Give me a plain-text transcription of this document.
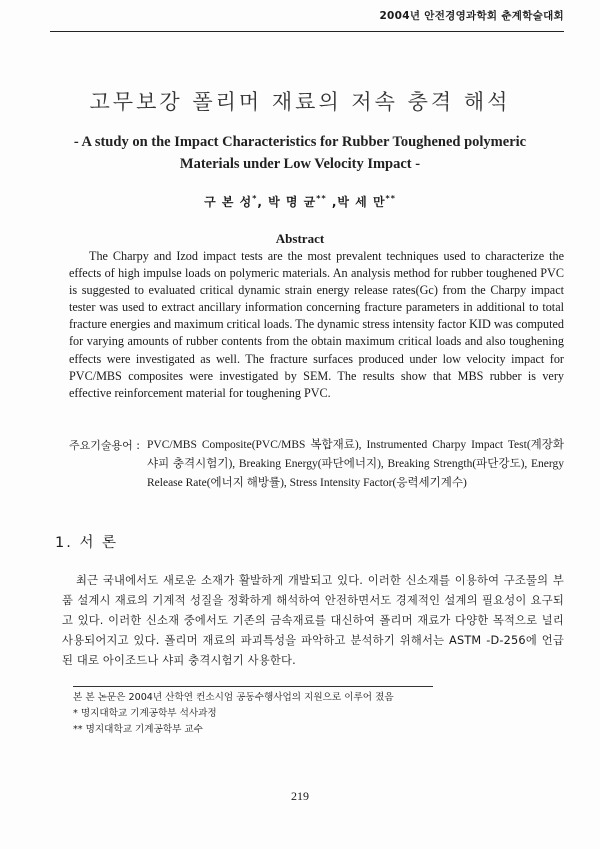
2004년 안전경영과학회 춘계학술대회
고무보강 폴리머 재료의 저속 충격 해석
- A study on the Impact Characteristics for Rubber Toughened polymeric Materials under Low Velocity Impact -
구 본 성*, 박 명 균** ,박 세 만**
Abstract
The Charpy and Izod impact tests are the most prevalent techniques used to characterize the effects of high impulse loads on polymeric materials. An analysis method for rubber toughened PVC is suggested to evaluated critical dynamic strain energy release rates(Gc) from the Charpy impact tester was used to extract ancillary information concerning fracture parameters in additional to total fracture energies and maximum critical loads. The dynamic stress intensity factor KID was computed for varying amounts of rubber contents from the obtain maximum critical loads and also toughening effects were investigated as well. The fracture surfaces produced under low velocity impact for PVC/MBS composites were investigated by SEM. The results show that MBS rubber is very effective reinforcement material for toughening PVC.
주요기술용어 : PVC/MBS Composite(PVC/MBS 복합재료), Instrumented Charpy Impact Test(계장화 샤피 충격시험기), Breaking Energy(파단에너지), Breaking Strength(파단강도), Energy Release Rate(에너지 해방률), Stress Intensity Factor(응력세기계수)
1. 서 론
최근 국내에서도 새로운 소재가 활발하게 개발되고 있다. 이러한 신소재를 이용하여 구조물의 부품 설계시 재료의 기계적 성질을 정확하게 해석하여 안전하면서도 경제적인 설계의 필요성이 요구되고 있다. 이러한 신소재 중에서도 기존의 금속재료를 대신하여 폴리머 재료가 다양한 목적으로 널리 사용되어지고 있다. 폴리머 재료의 파괴특성을 파악하고 분석하기 위해서는 ASTM -D-256에 언급된 대로 아이조드나 샤피 충격시험기 사용한다.
본 본 논문은 2004년 산학연 컨소시엄 공동수행사업의 지원으로 이루어 졌음
* 명지대학교 기계공학부 석사과정
** 명지대학교 기계공학부 교수
219
